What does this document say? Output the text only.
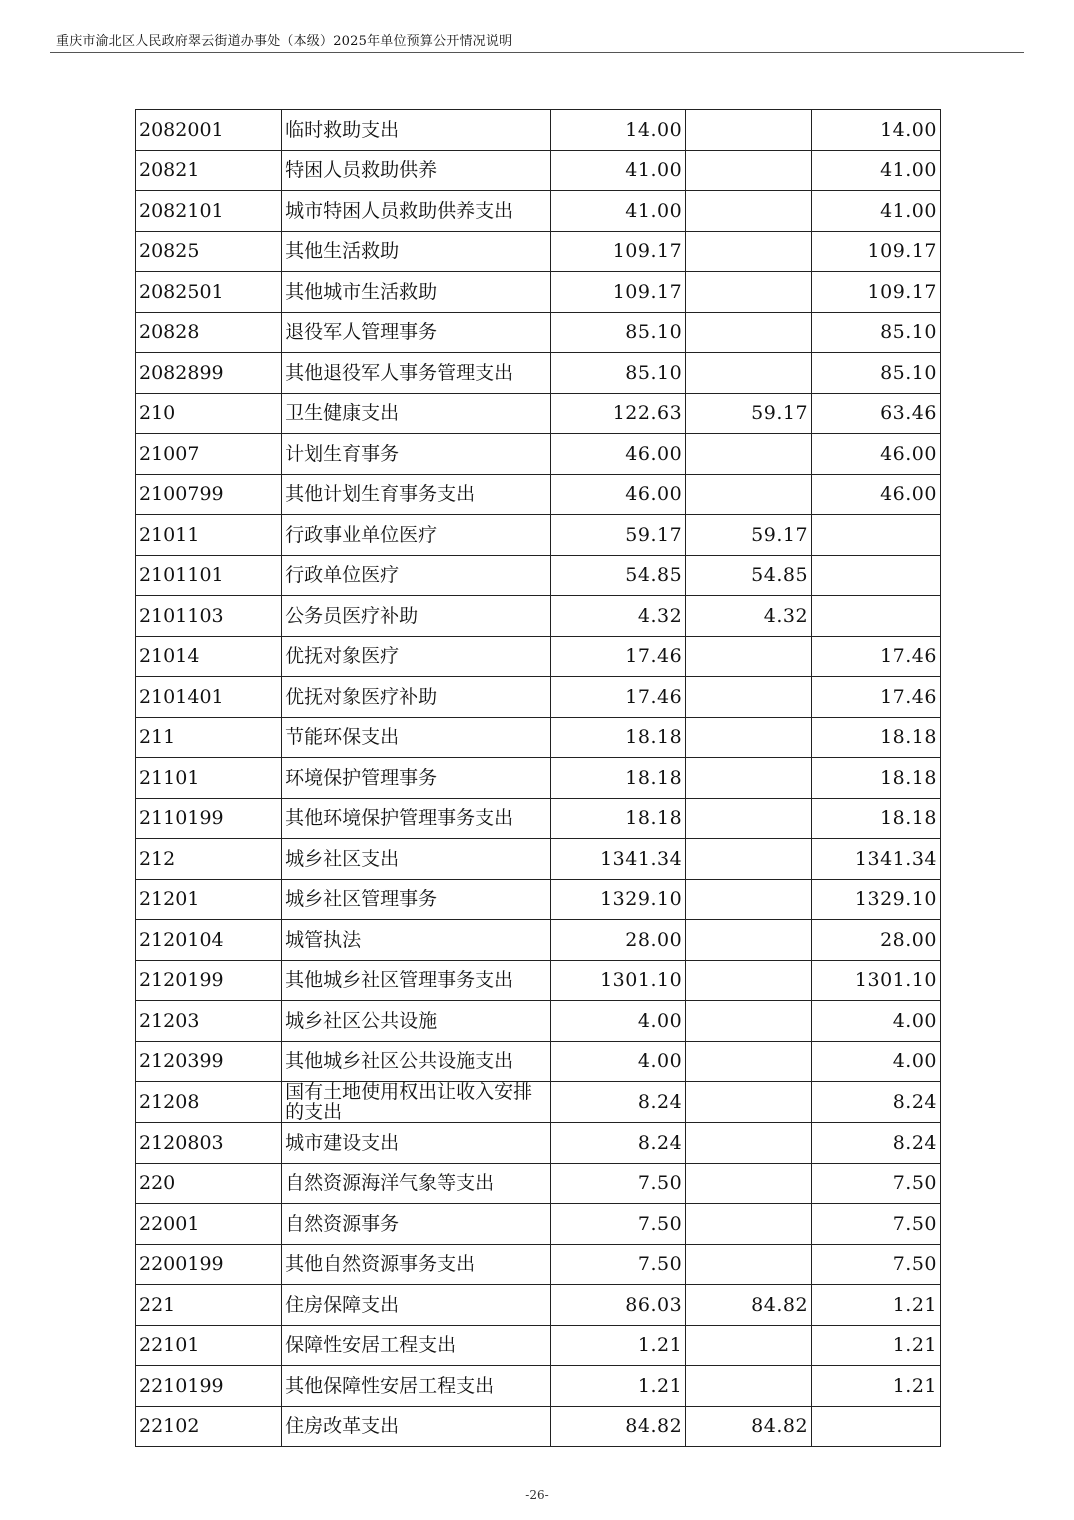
重庆市渝北区人民政府翠云街道办事处（本级）2025年单位预算公开情况说明
2082001	临时救助支出	14.00		14.00
20821	特困人员救助供养	41.00		41.00
2082101	城市特困人员救助供养支出	41.00		41.00
20825	其他生活救助	109.17		109.17
2082501	其他城市生活救助	109.17		109.17
20828	退役军人管理事务	85.10		85.10
2082899	其他退役军人事务管理支出	85.10		85.10
210	卫生健康支出	122.63	59.17	63.46
21007	计划生育事务	46.00		46.00
2100799	其他计划生育事务支出	46.00		46.00
21011	行政事业单位医疗	59.17	59.17	
2101101	行政单位医疗	54.85	54.85	
2101103	公务员医疗补助	4.32	4.32	
21014	优抚对象医疗	17.46		17.46
2101401	优抚对象医疗补助	17.46		17.46
211	节能环保支出	18.18		18.18
21101	环境保护管理事务	18.18		18.18
2110199	其他环境保护管理事务支出	18.18		18.18
212	城乡社区支出	1341.34		1341.34
21201	城乡社区管理事务	1329.10		1329.10
2120104	城管执法	28.00		28.00
2120199	其他城乡社区管理事务支出	1301.10		1301.10
21203	城乡社区公共设施	4.00		4.00
2120399	其他城乡社区公共设施支出	4.00		4.00
21208	国有土地使用权出让收入安排的支出	8.24		8.24
2120803	城市建设支出	8.24		8.24
220	自然资源海洋气象等支出	7.50		7.50
22001	自然资源事务	7.50		7.50
2200199	其他自然资源事务支出	7.50		7.50
221	住房保障支出	86.03	84.82	1.21
22101	保障性安居工程支出	1.21		1.21
2210199	其他保障性安居工程支出	1.21		1.21
22102	住房改革支出	84.82	84.82	
-26-
